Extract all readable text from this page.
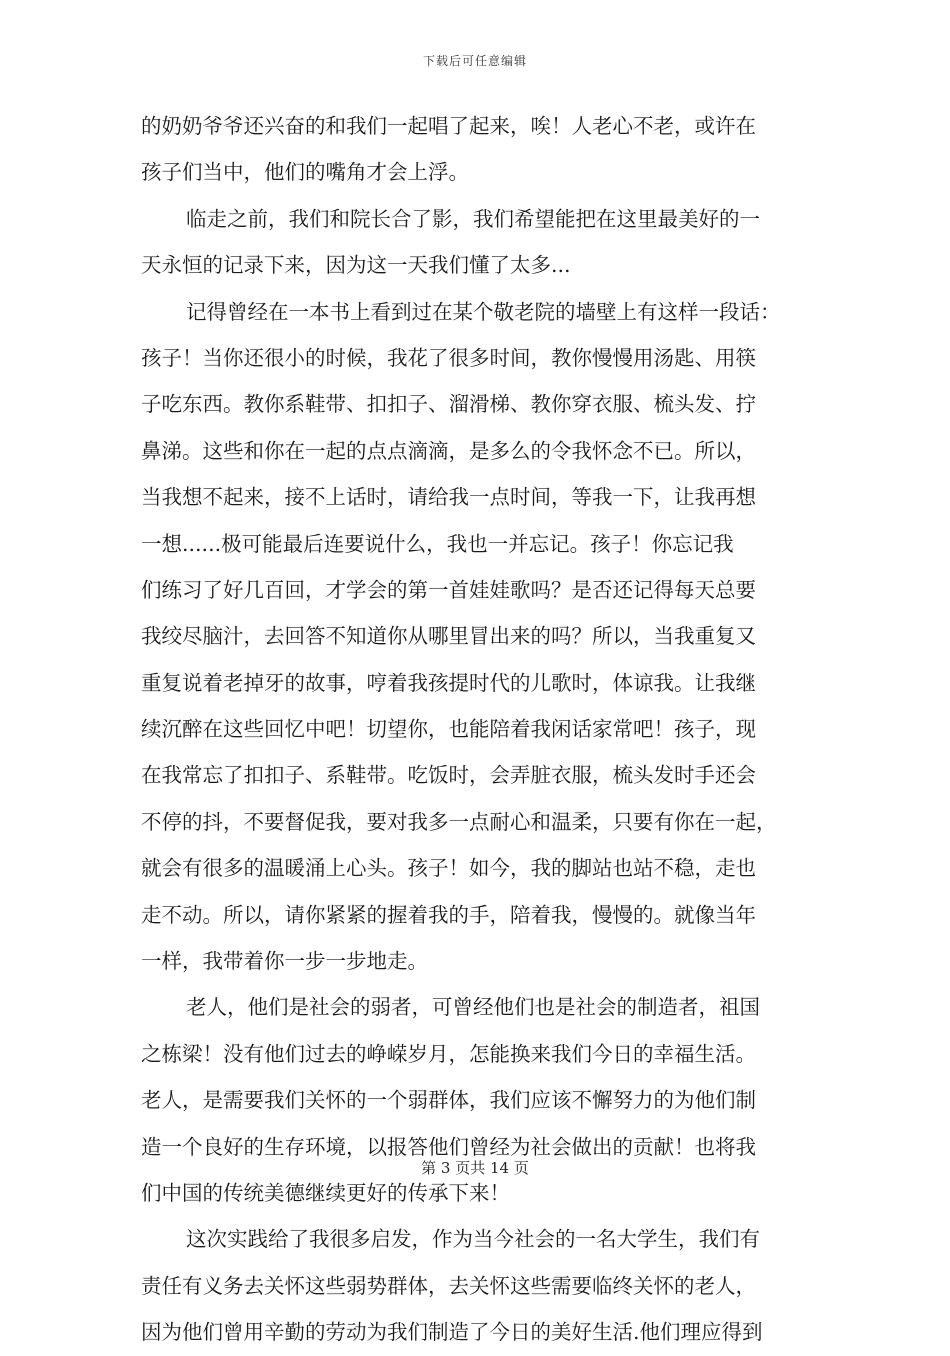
下载后可任意编辑
的奶奶爷爷还兴奋的和我们一起唱了起来，唉！人老心不老，或许在
孩子们当中，他们的嘴角才会上浮。
临走之前，我们和院长合了影，我们希望能把在这里最美好的一
天永恒的记录下来，因为这一天我们懂了太多...
记得曾经在一本书上看到过在某个敬老院的墙壁上有这样一段话：
孩子！当你还很小的时候，我花了很多时间，教你慢慢用汤匙、用筷
子吃东西。教你系鞋带、扣扣子、溜滑梯、教你穿衣服、梳头发、拧
鼻涕。这些和你在一起的点点滴滴，是多么的令我怀念不已。所以，
当我想不起来，接不上话时，请给我一点时间，等我一下，让我再想
一想......极可能最后连要说什么，我也一并忘记。孩子！你忘记我
们练习了好几百回，才学会的第一首娃娃歌吗？是否还记得每天总要
我绞尽脑汁，去回答不知道你从哪里冒出来的吗？所以，当我重复又
重复说着老掉牙的故事，哼着我孩提时代的儿歌时，体谅我。让我继
续沉醉在这些回忆中吧！切望你，也能陪着我闲话家常吧！孩子，现
在我常忘了扣扣子、系鞋带。吃饭时，会弄脏衣服，梳头发时手还会
不停的抖，不要督促我，要对我多一点耐心和温柔，只要有你在一起，
就会有很多的温暖涌上心头。孩子！如今，我的脚站也站不稳，走也
走不动。所以，请你紧紧的握着我的手，陪着我，慢慢的。就像当年
一样，我带着你一步一步地走。
老人，他们是社会的弱者，可曾经他们也是社会的制造者，祖国
之栋梁！没有他们过去的峥嵘岁月，怎能换来我们今日的幸福生活。
老人，是需要我们关怀的一个弱群体，我们应该不懈努力的为他们制
造一个良好的生存环境，以报答他们曾经为社会做出的贡献！也将我
们中国的传统美德继续更好的传承下来！
这次实践给了我很多启发，作为当今社会的一名大学生，我们有
责任有义务去关怀这些弱势群体，去关怀这些需要临终关怀的老人，
因为他们曾用辛勤的劳动为我们制造了今日的美好生活.他们理应得到
第 3 页共 14 页
